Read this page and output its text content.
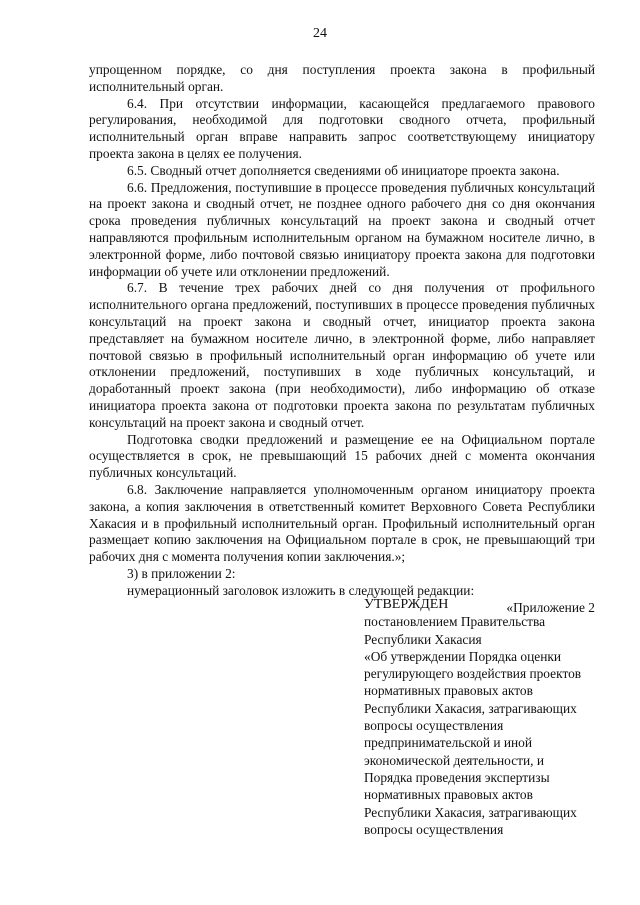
24

упрощенном порядке, со дня поступления проекта закона в профильный исполнительный орган.

6.4. При отсутствии информации, касающейся предлагаемого правового регулирования, необходимой для подготовки сводного отчета, профильный исполнительный орган вправе направить запрос соответствующему инициатору проекта закона в целях ее получения.

6.5. Сводный отчет дополняется сведениями об инициаторе проекта закона.

6.6. Предложения, поступившие в процессе проведения публичных консультаций на проект закона и сводный отчет, не позднее одного рабочего дня со дня окончания срока проведения публичных консультаций на проект закона и сводный отчет направляются профильным исполнительным органом на бумажном носителе лично, в электронной форме, либо почтовой связью инициатору проекта закона для подготовки информации об учете или отклонении предложений.

6.7. В течение трех рабочих дней со дня получения от профильного исполнительного органа предложений, поступивших в процессе проведения публичных консультаций на проект закона и сводный отчет, инициатор проекта закона представляет на бумажном носителе лично, в электронной форме, либо направляет почтовой связью в профильный исполнительный орган информацию об учете или отклонении предложений, поступивших в ходе публичных консультаций, и доработанный проект закона (при необходимости), либо информацию об отказе инициатора проекта закона от подготовки проекта закона по результатам публичных консультаций на проект закона и сводный отчет.

Подготовка сводки предложений и размещение ее на Официальном портале осуществляется в срок, не превышающий 15 рабочих дней с момента окончания публичных консультаций.

6.8. Заключение направляется уполномоченным органом инициатору проекта закона, а копия заключения в ответственный комитет Верховного Совета Республики Хакасия и в профильный исполнительный орган. Профильный исполнительный орган размещает копию заключения на Официальном портале в срок, не превышающий три рабочих дня с момента получения копии заключения.»;

3) в приложении 2:

нумерационный заголовок изложить в следующей редакции:

«Приложение 2

УТВЕРЖДЕН
постановлением Правительства
Республики Хакасия
«Об утверждении Порядка оценки
регулирующего воздействия проектов
нормативных правовых актов
Республики Хакасия, затрагивающих
вопросы осуществления
предпринимательской и иной
экономической деятельности, и
Порядка проведения экспертизы
нормативных правовых актов
Республики Хакасия, затрагивающих
вопросы осуществления
